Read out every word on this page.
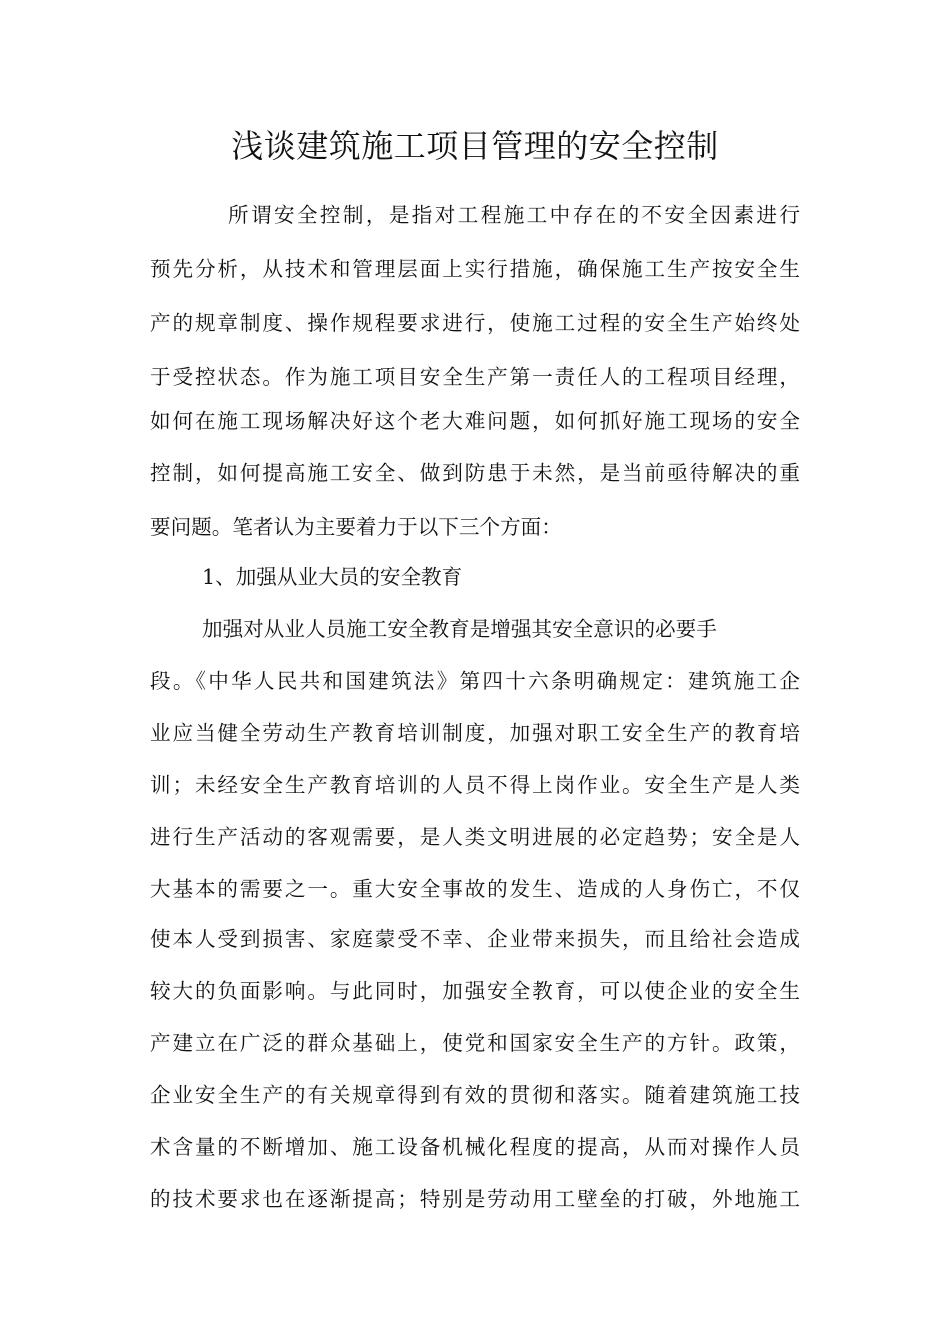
浅谈建筑施工项目管理的安全控制
所谓安全控制，是指对工程施工中存在的不安全因素进行
预先分析，从技术和管理层面上实行措施，确保施工生产按安全生
产的规章制度、操作规程要求进行，使施工过程的安全生产始终处
于受控状态。作为施工项目安全生产第一责任人的工程项目经理，
如何在施工现场解决好这个老大难问题，如何抓好施工现场的安全
控制，如何提高施工安全、做到防患于未然，是当前亟待解决的重
要问题。笔者认为主要着力于以下三个方面：
1、加强从业大员的安全教育
加强对从业人员施工安全教育是增强其安全意识的必要手
段。《中华人民共和国建筑法》第四十六条明确规定：建筑施工企
业应当健全劳动生产教育培训制度，加强对职工安全生产的教育培
训；未经安全生产教育培训的人员不得上岗作业。安全生产是人类
进行生产活动的客观需要，是人类文明进展的必定趋势；安全是人
大基本的需要之一。重大安全事故的发生、造成的人身伤亡，不仅
使本人受到损害、家庭蒙受不幸、企业带来损失，而且给社会造成
较大的负面影响。与此同时，加强安全教育，可以使企业的安全生
产建立在广泛的群众基础上，使党和国家安全生产的方针。政策，
企业安全生产的有关规章得到有效的贯彻和落实。随着建筑施工技
术含量的不断增加、施工设备机械化程度的提高，从而对操作人员
的技术要求也在逐渐提高；特别是劳动用工壁垒的打破，外地施工
